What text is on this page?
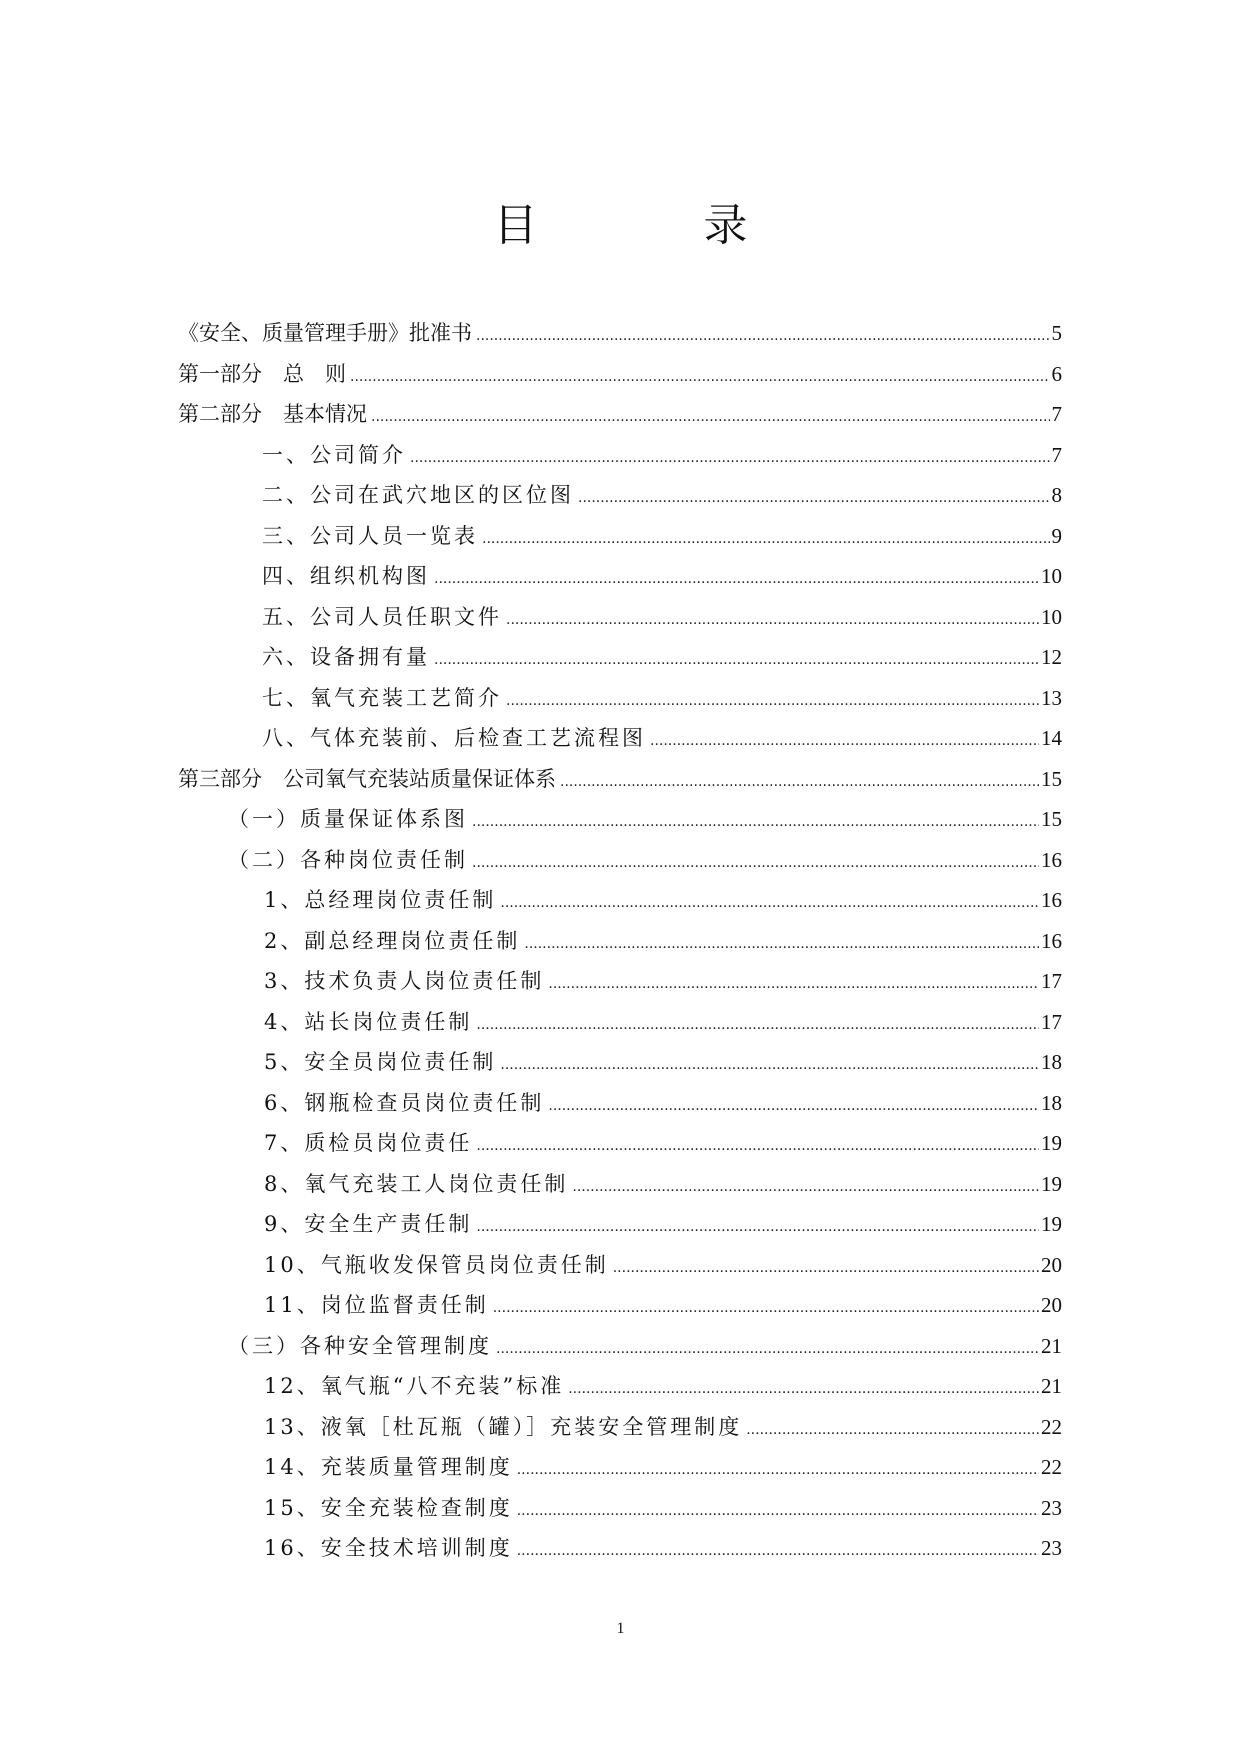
目 录
《安全、质量管理手册》批准书 .....	5
第一部分　总　则 .....	6
第二部分　基本情况 .....	7
一、公司简介 .....	7
二、公司在武穴地区的区位图 .....	8
三、公司人员一览表 .....	9
四、组织机构图 .....	10
五、公司人员任职文件 .....	10
六、设备拥有量 .....	12
七、氧气充装工艺简介 .....	13
八、气体充装前、后检查工艺流程图 .....	14
第三部分　公司氧气充装站质量保证体系 .....	15
（一）质量保证体系图 .....	15
（二）各种岗位责任制 .....	16
1、总经理岗位责任制 .....	16
2、副总经理岗位责任制 .....	16
3、技术负责人岗位责任制 .....	17
4、站长岗位责任制 .....	17
5、安全员岗位责任制 .....	18
6、钢瓶检查员岗位责任制 .....	18
7、质检员岗位责任 .....	19
8、氧气充装工人岗位责任制 .....	19
9、安全生产责任制 .....	19
10、气瓶收发保管员岗位责任制 .....	20
11、岗位监督责任制 .....	20
（三）各种安全管理制度 .....	21
12、氧气瓶“八不充装”标准 .....	21
13、液氧［杜瓦瓶（罐）］充装安全管理制度 .....	22
14、充装质量管理制度 .....	22
15、安全充装检查制度 .....	23
16、安全技术培训制度 .....	23
1
